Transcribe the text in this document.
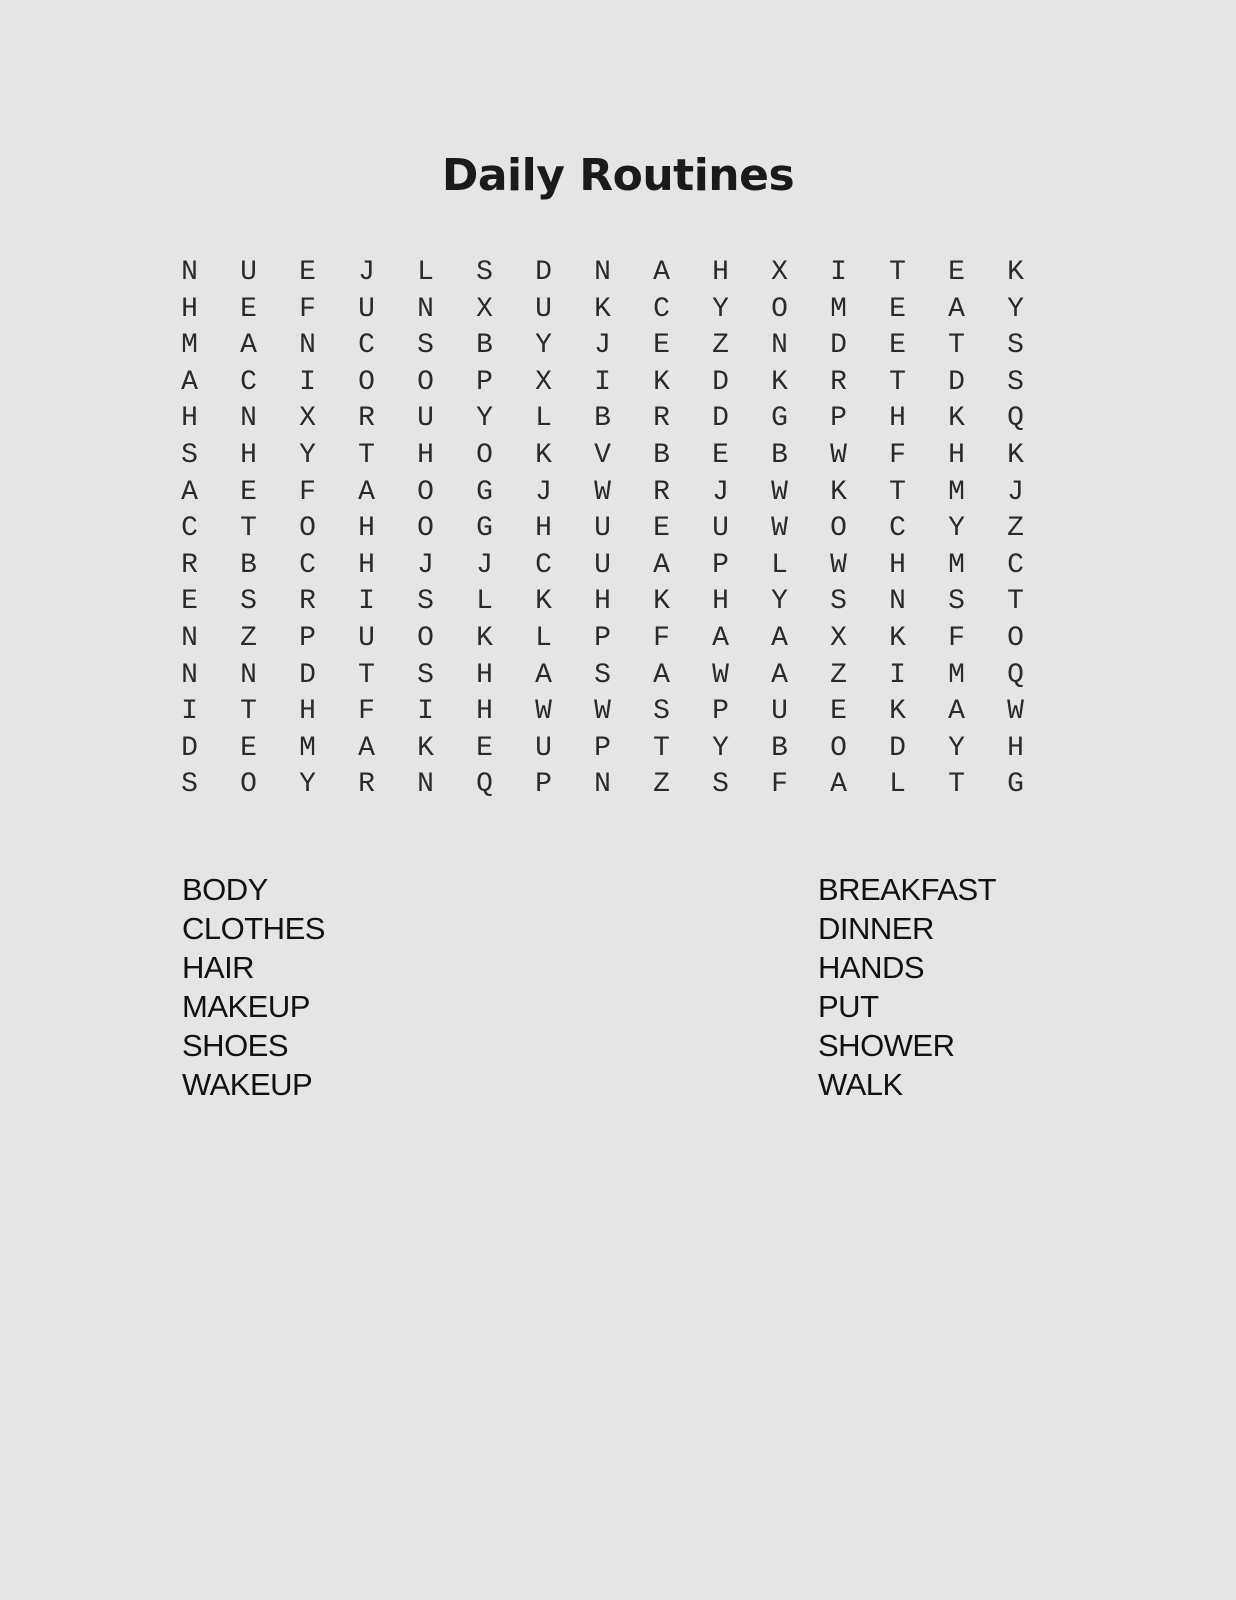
Daily Routines
N	U	E	J	L	S	D	N	A	H	X	I	T	E	K
H	E	F	U	N	X	U	K	C	Y	O	M	E	A	Y
M	A	N	C	S	B	Y	J	E	Z	N	D	E	T	S
A	C	I	O	O	P	X	I	K	D	K	R	T	D	S
H	N	X	R	U	Y	L	B	R	D	G	P	H	K	Q
S	H	Y	T	H	O	K	V	B	E	B	W	F	H	K
A	E	F	A	O	G	J	W	R	J	W	K	T	M	J
C	T	O	H	O	G	H	U	E	U	W	O	C	Y	Z
R	B	C	H	J	J	C	U	A	P	L	W	H	M	C
E	S	R	I	S	L	K	H	K	H	Y	S	N	S	T
N	Z	P	U	O	K	L	P	F	A	A	X	K	F	O
N	N	D	T	S	H	A	S	A	W	A	Z	I	M	Q
I	T	H	F	I	H	W	W	S	P	U	E	K	A	W
D	E	M	A	K	E	U	P	T	Y	B	O	D	Y	H
S	O	Y	R	N	Q	P	N	Z	S	F	A	L	T	G
BODY
CLOTHES
HAIR
MAKEUP
SHOES
WAKEUP
BREAKFAST
DINNER
HANDS
PUT
SHOWER
WALK
